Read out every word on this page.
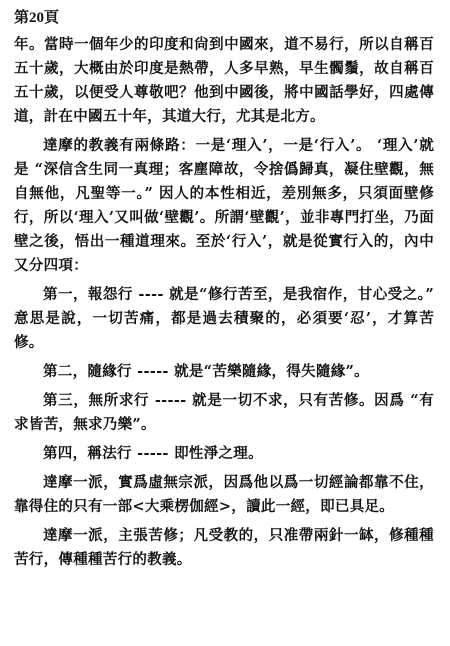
第20頁

年。當時一個年少的印度和尙到中國來，道不易行，所以自稱百五十歲，大概由於印度是熱帶，人多早熟，早生髑鬚，故自稱百五十歲，以便受人尊敬吧？他到中國後，將中國話學好，四處傳道，計在中國五十年，其道大行，尤其是北方。

達摩的教義有兩條路：一是‘理入’，一是‘行入’。 ‘理入’就是 “深信含生同一真理；客塵障故，令捨僞歸真，凝住壁觀，無自無他，凡聖等一。” 因人的本性相近，差別無多，只須面壁修行，所以‘理入’又叫做‘壁觀’。所謂‘壁觀’，並非專門打坐，乃面壁之後，悟出一種道理來。至於‘行入’，就是從實行入的，內中又分四項：

第一，報怨行 ---- 就是“修行苦至，是我宿作，甘心受之。” 意思是說，一切苦痛，都是過去積聚的，必須要‘忍’，才算苦修。

第二，隨緣行 ----- 就是“苦樂隨緣，得失隨緣”。

第三，無所求行 ----- 就是一切不求，只有苦修。因爲 “有求皆苦，無求乃樂”。

第四，稱法行 ----- 即性淨之理。

達摩一派，實爲虛無宗派，因爲他以爲一切經論都靠不住，靠得住的只有一部<大乘楞伽經>，讀此一經，即已具足。

達摩一派，主張苦修；凡受教的，只准帶兩針一缽，修種種苦行，傳種種苦行的教義。
